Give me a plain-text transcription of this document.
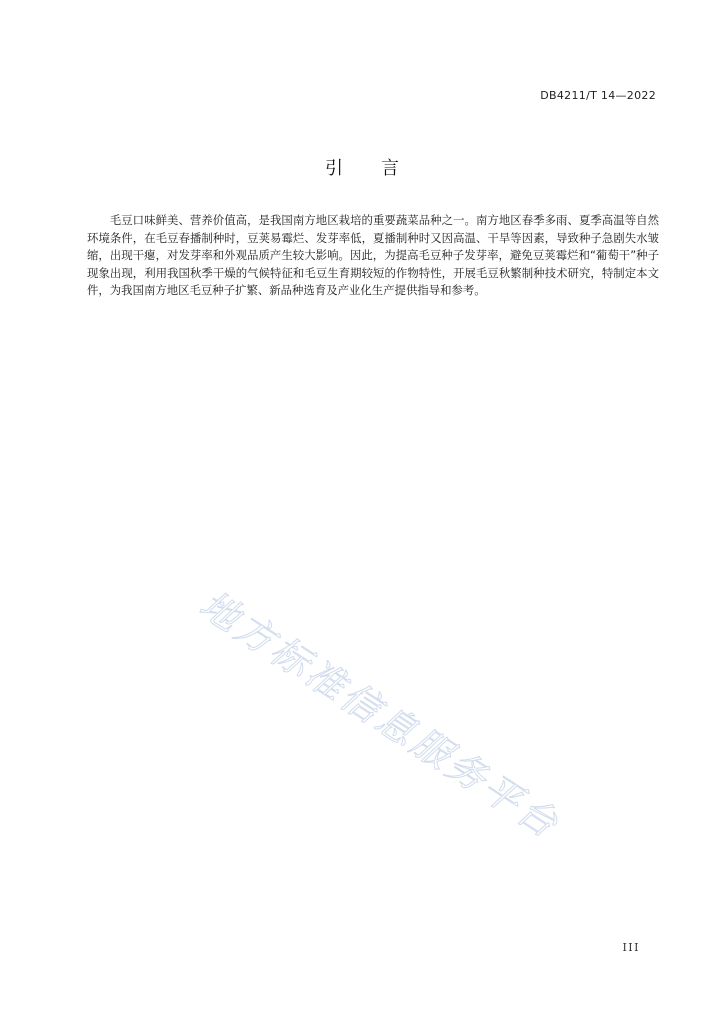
DB4211/T 14—2022
引 言

毛豆口味鲜美、营养价值高，是我国南方地区栽培的重要蔬菜品种之一。南方地区春季多雨、夏季高温等自然环境条件，在毛豆春播制种时，豆荚易霉烂、发芽率低，夏播制种时又因高温、干旱等因素，导致种子急剧失水皱缩，出现干瘪，对发芽率和外观品质产生较大影响。因此，为提高毛豆种子发芽率，避免豆荚霉烂和“葡萄干”种子现象出现，利用我国秋季干燥的气候特征和毛豆生育期较短的作物特性，开展毛豆秋繁制种技术研究，特制定本文件，为我国南方地区毛豆种子扩繁、新品种选育及产业化生产提供指导和参考。

地方标准信息服务平台
III
